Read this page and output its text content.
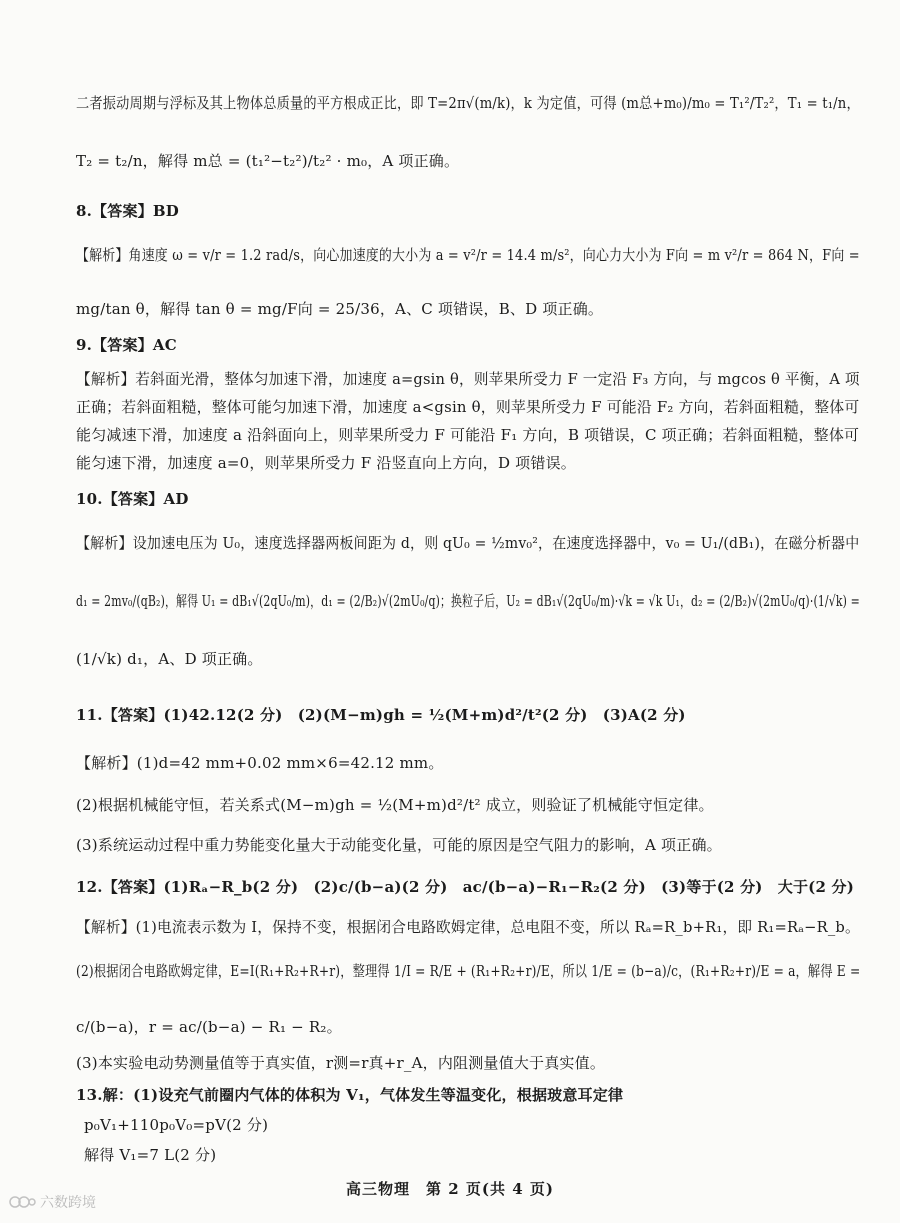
二者振动周期与浮标及其上物体总质量的平方根成正比，即 T=2π√(m/k)，k 为定值，可得 (m总+m₀)/m₀ = T₁²/T₂²，T₁ = t₁/n，
T₂ = t₂/n，解得 m总 = (t₁²−t₂²)/t₂² · m₀，A 项正确。
8.【答案】BD
【解析】角速度 ω = v/r = 1.2 rad/s，向心加速度的大小为 a = v²/r = 14.4 m/s²，向心力大小为 F向 = m v²/r = 864 N，F向 =
mg/tan θ，解得 tan θ = mg/F向 = 25/36，A、C 项错误，B、D 项正确。
9.【答案】AC
【解析】若斜面光滑，整体匀加速下滑，加速度 a=gsin θ，则苹果所受力 F 一定沿 F₃ 方向，与 mgcos θ 平衡，A 项
正确；若斜面粗糙，整体可能匀加速下滑，加速度 a<gsin θ，则苹果所受力 F 可能沿 F₂ 方向，若斜面粗糙，整体可
能匀减速下滑，加速度 a 沿斜面向上，则苹果所受力 F 可能沿 F₁ 方向，B 项错误，C 项正确；若斜面粗糙，整体可
能匀速下滑，加速度 a=0，则苹果所受力 F 沿竖直向上方向，D 项错误。
10.【答案】AD
【解析】设加速电压为 U₀，速度选择器两板间距为 d，则 qU₀ = ½mv₀²，在速度选择器中，v₀ = U₁/(dB₁)，在磁分析器中
d₁ = 2mv₀/(qB₂)，解得 U₁ = dB₁√(2qU₀/m)，d₁ = (2/B₂)√(2mU₀/q)；换粒子后，U₂ = dB₁√(2qU₀/m)·√k = √k U₁，d₂ = (2/B₂)√(2mU₀/q)·(1/√k) =
(1/√k) d₁，A、D 项正确。
11.【答案】(1)42.12(2 分)　(2)(M−m)gh = ½(M+m)d²/t²(2 分)　(3)A(2 分)
【解析】(1)d=42 mm+0.02 mm×6=42.12 mm。
(2)根据机械能守恒，若关系式(M−m)gh = ½(M+m)d²/t² 成立，则验证了机械能守恒定律。
(3)系统运动过程中重力势能变化量大于动能变化量，可能的原因是空气阻力的影响，A 项正确。
12.【答案】(1)Rₐ−R_b(2 分)　(2)c/(b−a)(2 分)　ac/(b−a)−R₁−R₂(2 分)　(3)等于(2 分)　大于(2 分)
【解析】(1)电流表示数为 I，保持不变，根据闭合电路欧姆定律，总电阻不变，所以 Rₐ=R_b+R₁，即 R₁=Rₐ−R_b。
(2)根据闭合电路欧姆定律，E=I(R₁+R₂+R+r)，整理得 1/I = R/E + (R₁+R₂+r)/E，所以 1/E = (b−a)/c，(R₁+R₂+r)/E = a，解得 E =
c/(b−a)，r = ac/(b−a) − R₁ − R₂。
(3)本实验电动势测量值等于真实值，r测=r真+r_A，内阻测量值大于真实值。
13.解：(1)设充气前圈内气体的体积为 V₁，气体发生等温变化，根据玻意耳定律
p₀V₁+110p₀V₀=pV(2 分)
解得 V₁=7 L(2 分)
高三物理　第 2 页(共 4 页)
六数跨境
